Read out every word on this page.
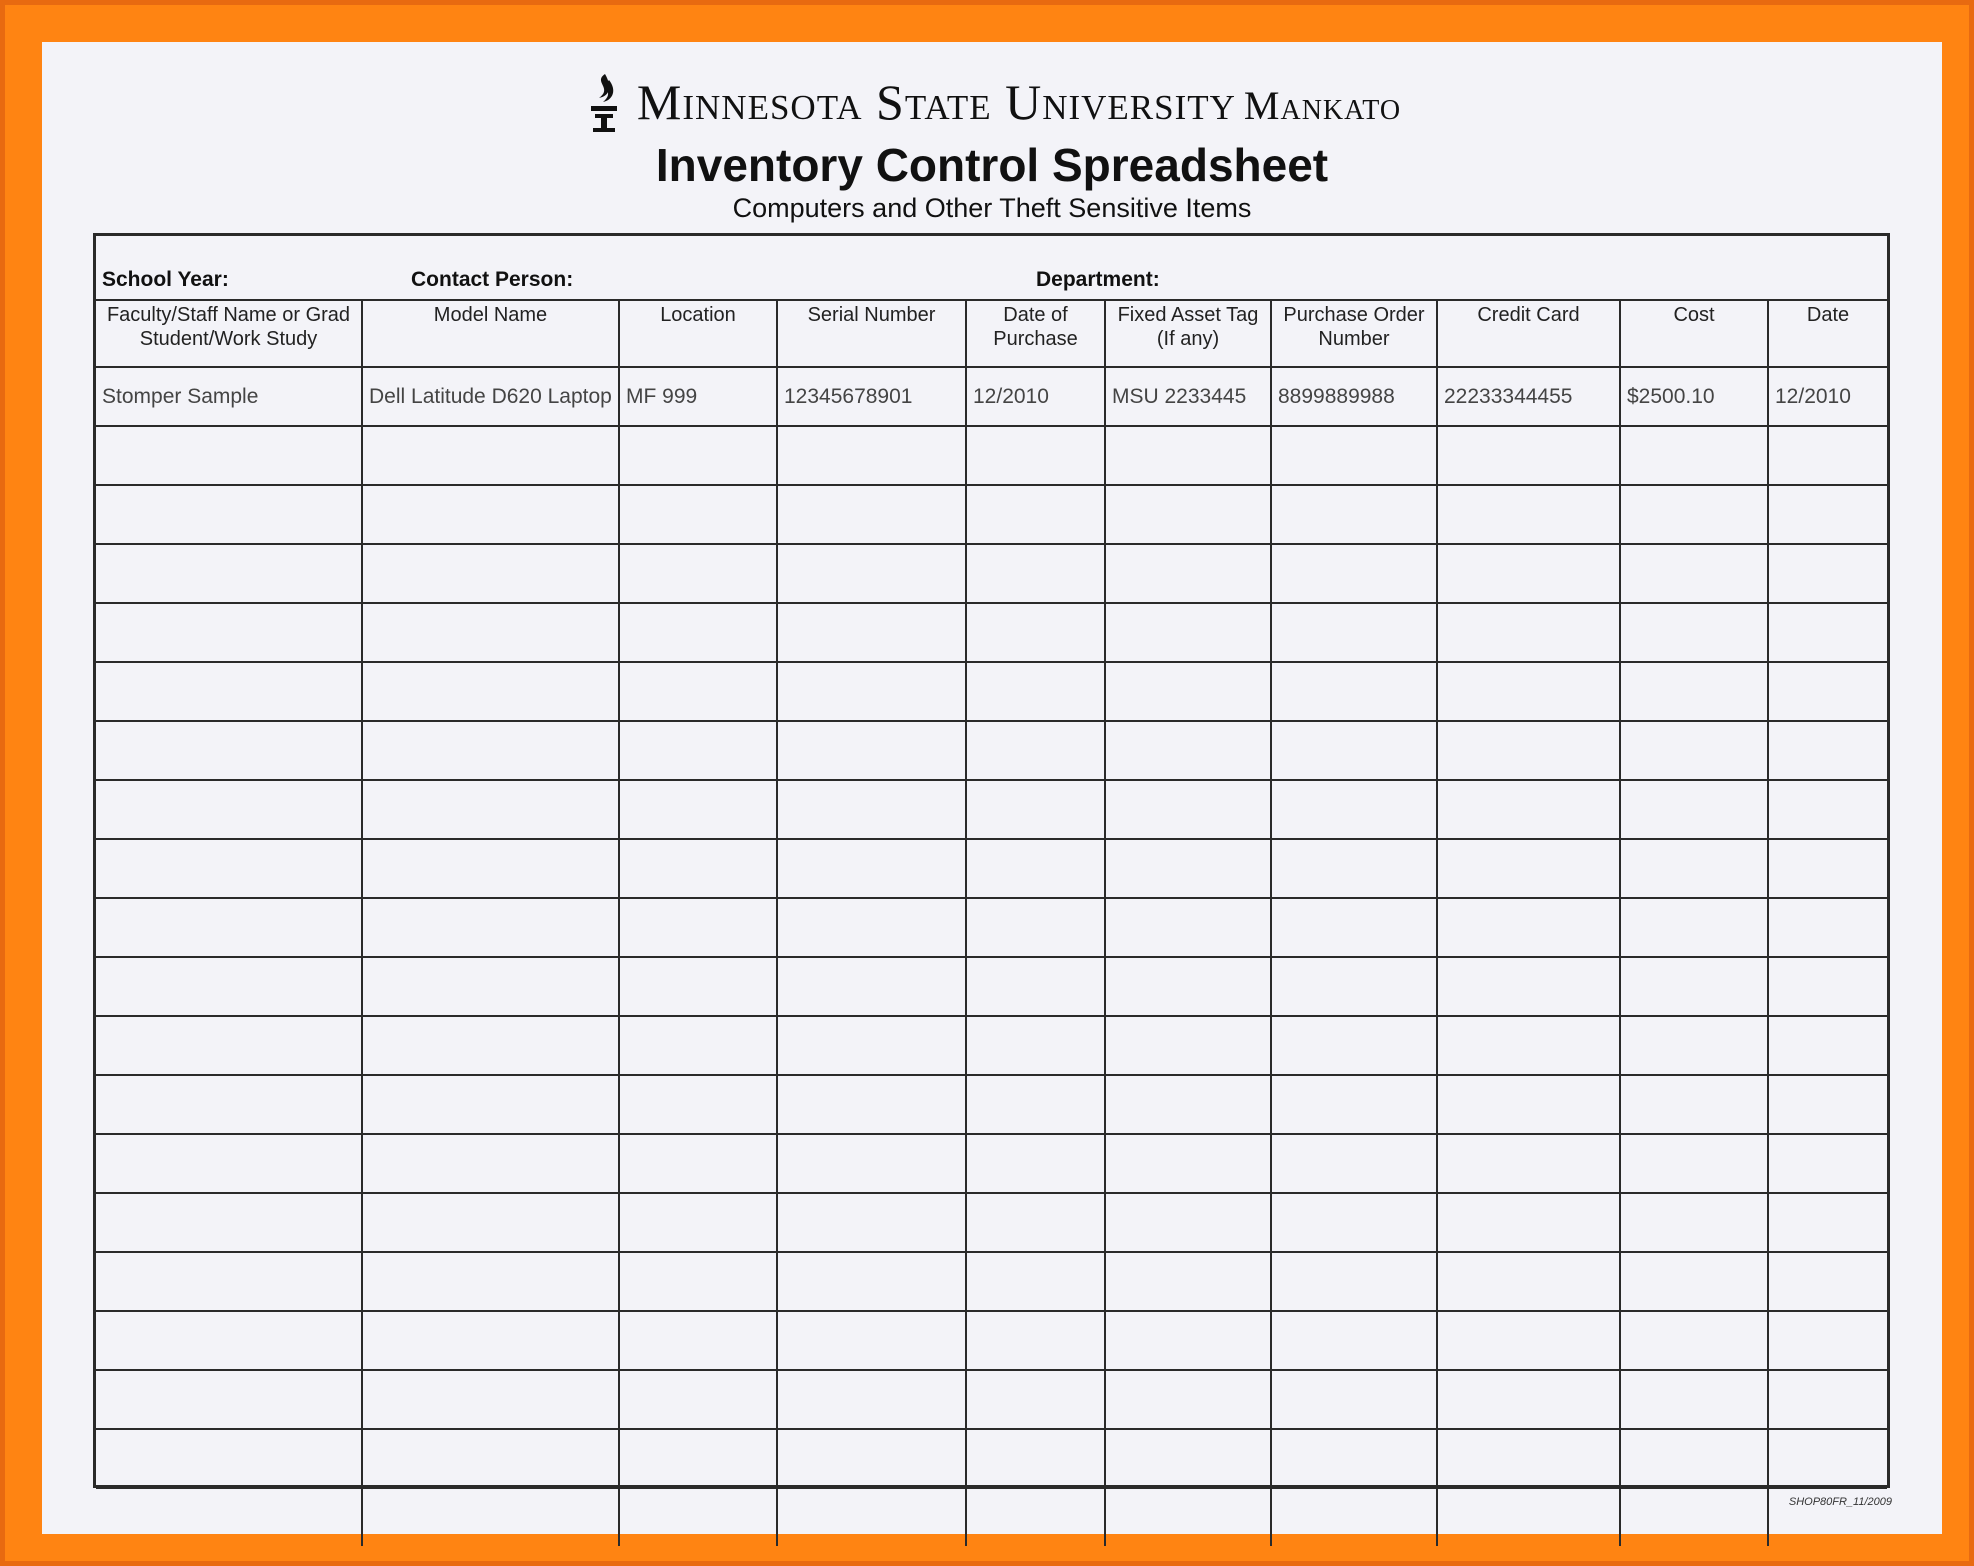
Minnesota State University Mankato
Inventory Control Spreadsheet
Computers and Other Theft Sensitive Items
School Year:	Contact Person:	Department:
Faculty/Staff Name or Grad Student/Work Study	Model Name	Location	Serial Number	Date of Purchase	Fixed Asset Tag (If any)	Purchase Order Number	Credit Card	Cost	Date
Stomper Sample	Dell Latitude D620 Laptop	MF 999	12345678901	12/2010	MSU 2233445	8899889988	22233344455	$2500.10	12/2010

SHOP80FR_11/2009
